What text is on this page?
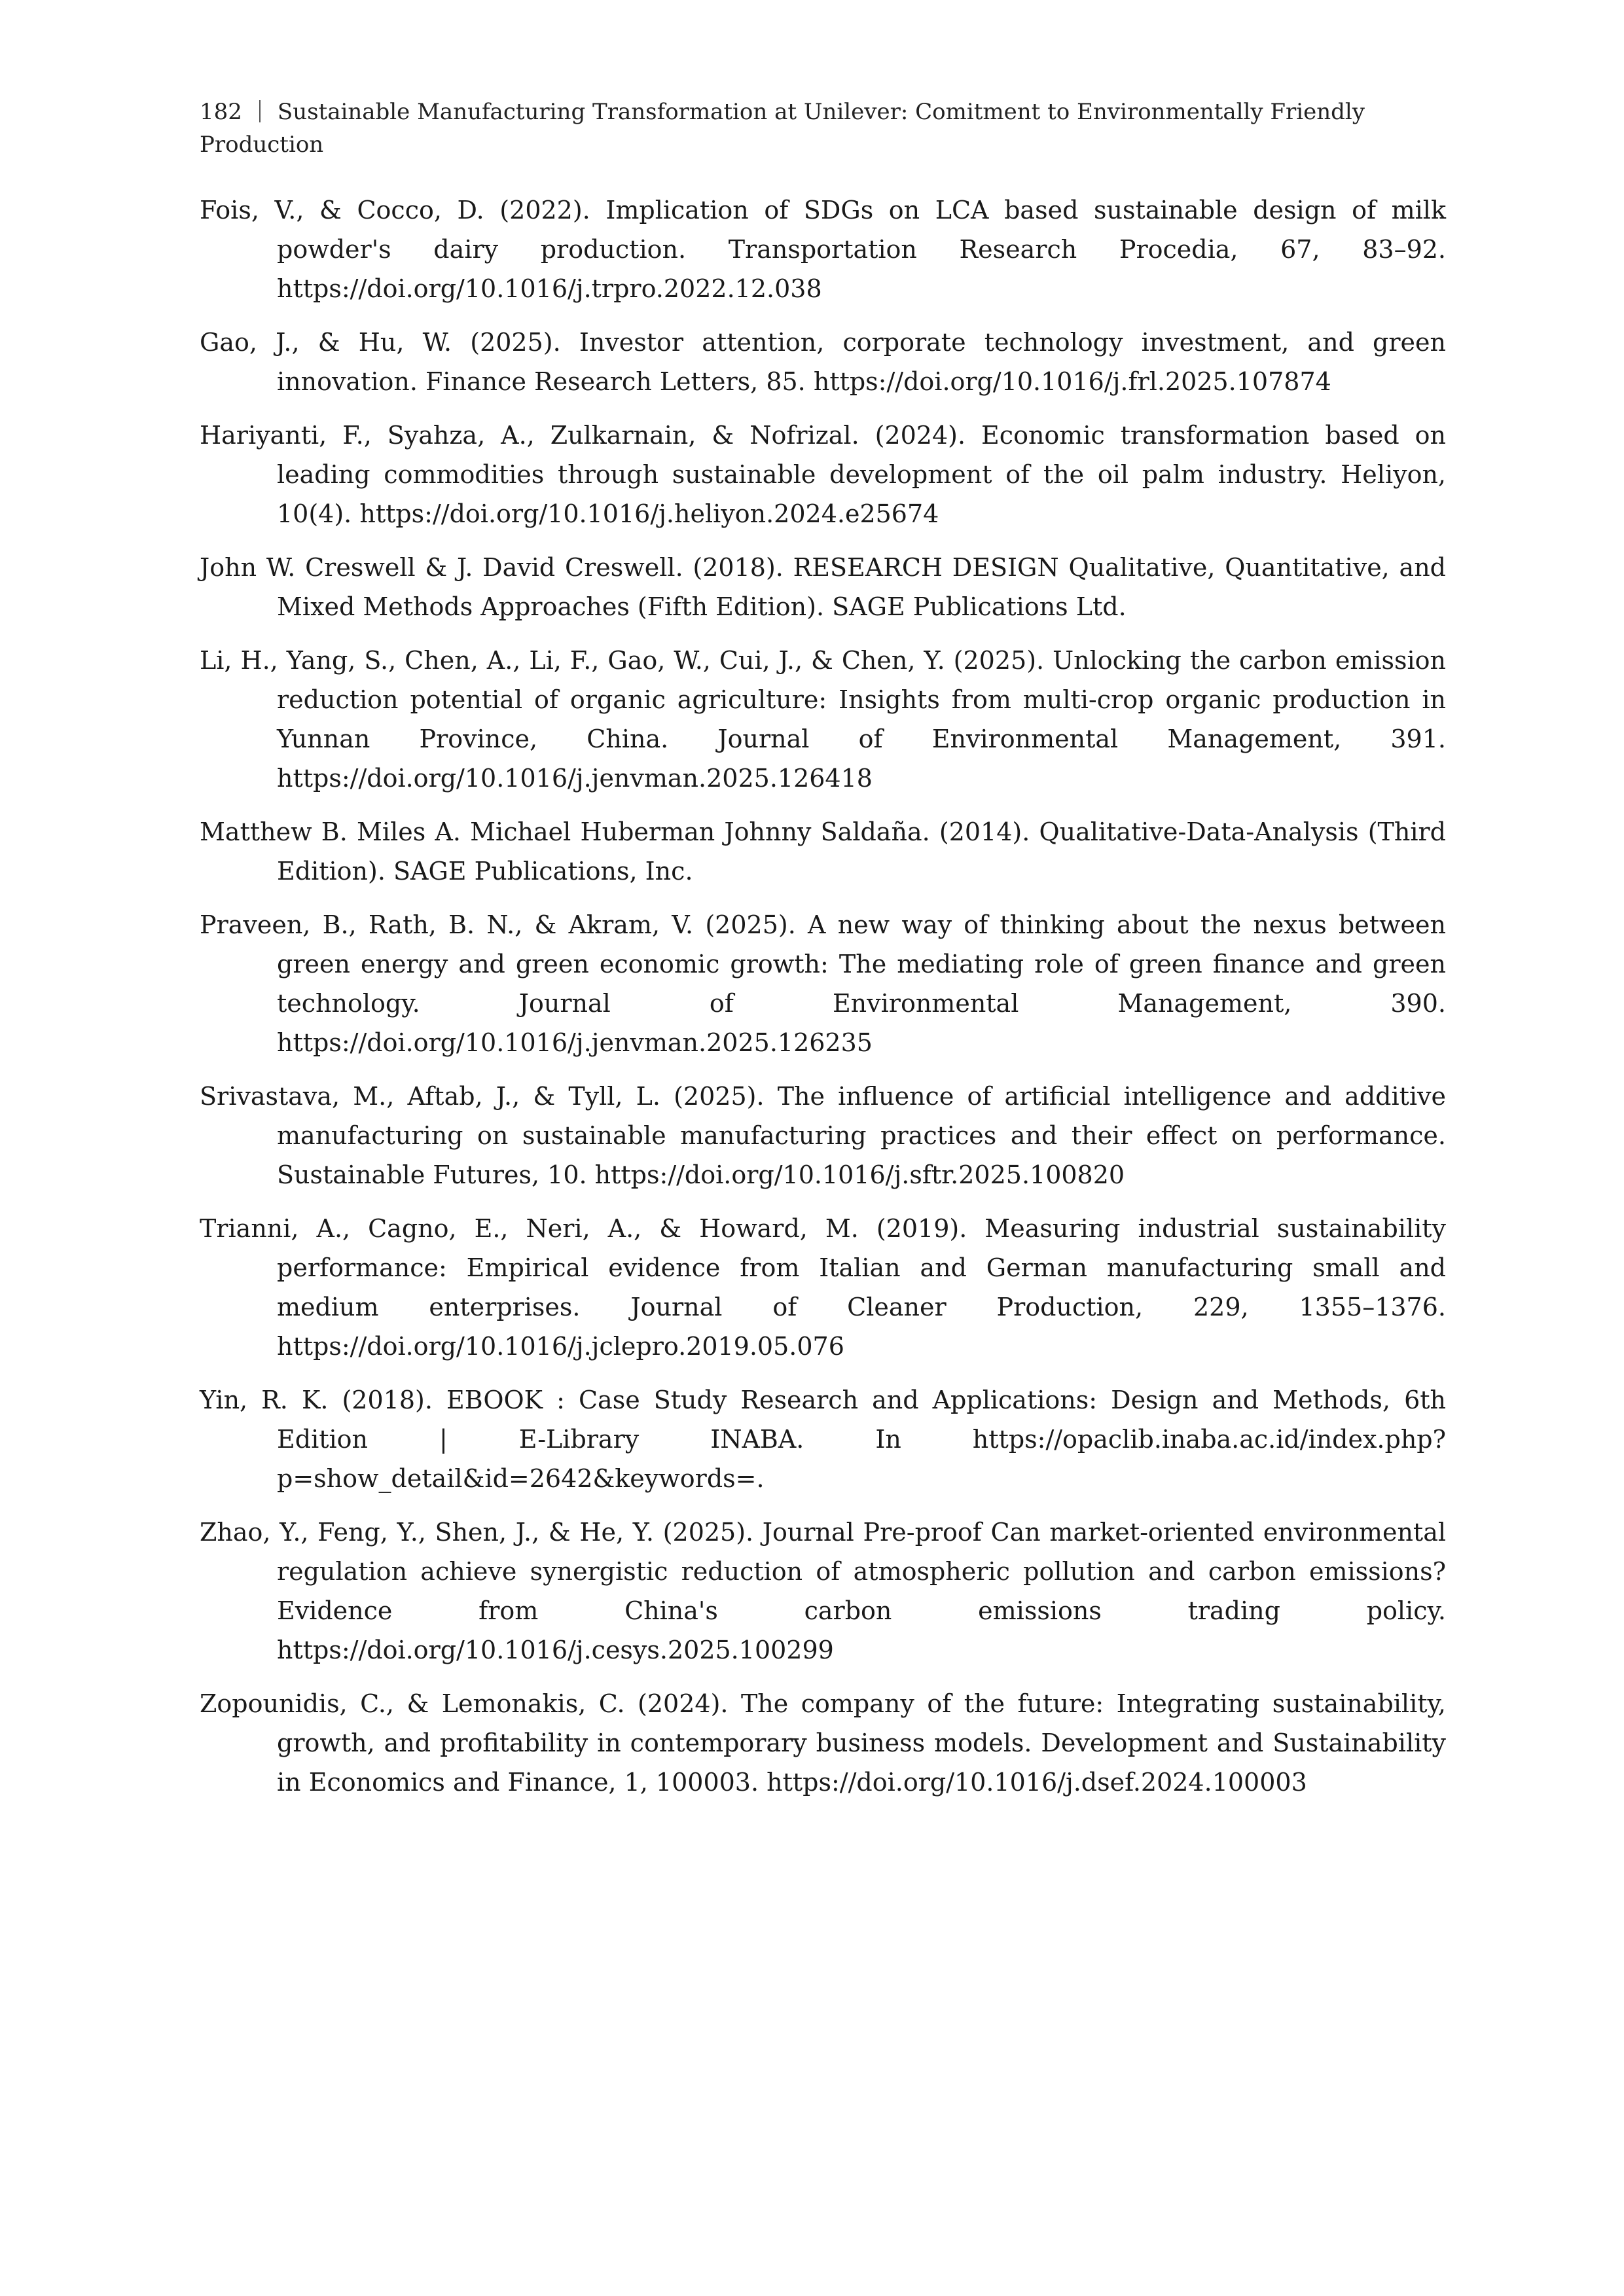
182 Sustainable Manufacturing Transformation at Unilever: Comitment to Environmentally Friendly Production
Fois, V., & Cocco, D. (2022). Implication of SDGs on LCA based sustainable design of milk powder's dairy production. Transportation Research Procedia, 67, 83–92. https://doi.org/10.1016/j.trpro.2022.12.038
Gao, J., & Hu, W. (2025). Investor attention, corporate technology investment, and green innovation. Finance Research Letters, 85. https://doi.org/10.1016/j.frl.2025.107874
Hariyanti, F., Syahza, A., Zulkarnain, & Nofrizal. (2024). Economic transformation based on leading commodities through sustainable development of the oil palm industry. Heliyon, 10(4). https://doi.org/10.1016/j.heliyon.2024.e25674
John W. Creswell & J. David Creswell. (2018). RESEARCH DESIGN Qualitative, Quantitative, and Mixed Methods Approaches (Fifth Edition). SAGE Publications Ltd.
Li, H., Yang, S., Chen, A., Li, F., Gao, W., Cui, J., & Chen, Y. (2025). Unlocking the carbon emission reduction potential of organic agriculture: Insights from multi-crop organic production in Yunnan Province, China. Journal of Environmental Management, 391. https://doi.org/10.1016/j.jenvman.2025.126418
Matthew B. Miles A. Michael Huberman Johnny Saldaña. (2014). Qualitative-Data-Analysis (Third Edition). SAGE Publications, Inc.
Praveen, B., Rath, B. N., & Akram, V. (2025). A new way of thinking about the nexus between green energy and green economic growth: The mediating role of green finance and green technology. Journal of Environmental Management, 390. https://doi.org/10.1016/j.jenvman.2025.126235
Srivastava, M., Aftab, J., & Tyll, L. (2025). The influence of artificial intelligence and additive manufacturing on sustainable manufacturing practices and their effect on performance. Sustainable Futures, 10. https://doi.org/10.1016/j.sftr.2025.100820
Trianni, A., Cagno, E., Neri, A., & Howard, M. (2019). Measuring industrial sustainability performance: Empirical evidence from Italian and German manufacturing small and medium enterprises. Journal of Cleaner Production, 229, 1355–1376. https://doi.org/10.1016/j.jclepro.2019.05.076
Yin, R. K. (2018). EBOOK : Case Study Research and Applications: Design and Methods, 6th Edition | E-Library INABA. In https://opaclib.inaba.ac.id/index.php?p=show_detail&id=2642&keywords=.
Zhao, Y., Feng, Y., Shen, J., & He, Y. (2025). Journal Pre-proof Can market-oriented environmental regulation achieve synergistic reduction of atmospheric pollution and carbon emissions? Evidence from China's carbon emissions trading policy. https://doi.org/10.1016/j.cesys.2025.100299
Zopounidis, C., & Lemonakis, C. (2024). The company of the future: Integrating sustainability, growth, and profitability in contemporary business models. Development and Sustainability in Economics and Finance, 1, 100003. https://doi.org/10.1016/j.dsef.2024.100003
